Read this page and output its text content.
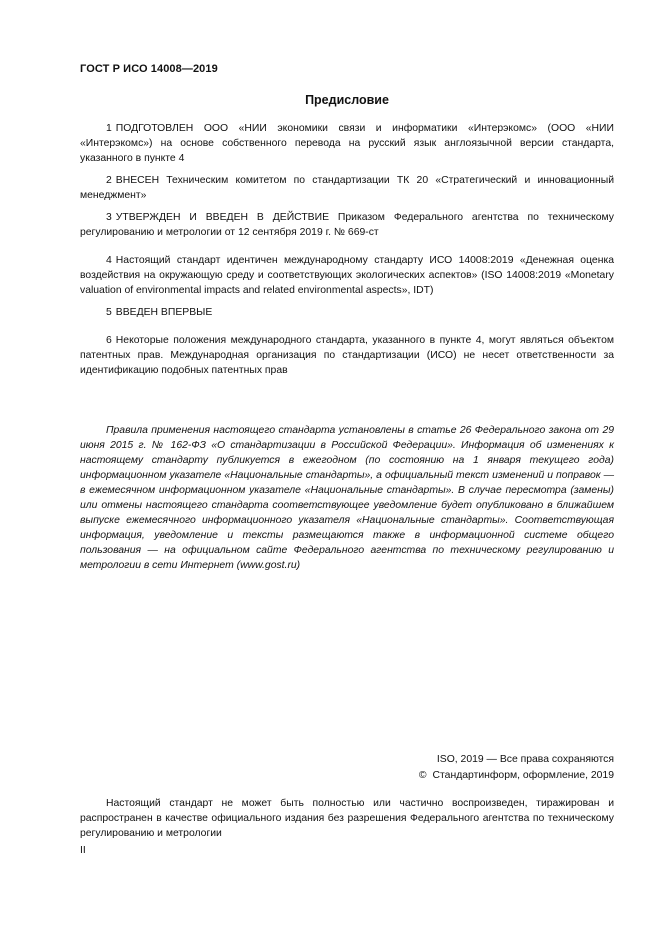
ГОСТ Р ИСО 14008—2019
Предисловие

1 ПОДГОТОВЛЕН ООО «НИИ экономики связи и информатики «Интерэкомс» (ООО «НИИ «Интерэкомс») на основе собственного перевода на русский язык англоязычной версии стандарта, указанного в пункте 4

2 ВНЕСЕН Техническим комитетом по стандартизации ТК 20 «Стратегический и инновационный менеджмент»

3 УТВЕРЖДЕН И ВВЕДЕН В ДЕЙСТВИЕ Приказом Федерального агентства по техническому регулированию и метрологии от 12 сентября 2019 г. № 669-ст

4 Настоящий стандарт идентичен международному стандарту ИСО 14008:2019 «Денежная оценка воздействия на окружающую среду и соответствующих экологических аспектов» (ISO 14008:2019 «Monetary valuation of environmental impacts and related environmental aspects», IDT)

5 ВВЕДЕН ВПЕРВЫЕ

6 Некоторые положения международного стандарта, указанного в пункте 4, могут являться объектом патентных прав. Международная организация по стандартизации (ИСО) не несет ответственности за идентификацию подобных патентных прав

Правила применения настоящего стандарта установлены в статье 26 Федерального закона от 29 июня 2015 г. № 162-ФЗ «О стандартизации в Российской Федерации». Информация об изменениях к настоящему стандарту публикуется в ежегодном (по состоянию на 1 января текущего года) информационном указателе «Национальные стандарты», а официальный текст изменений и поправок — в ежемесячном информационном указателе «Национальные стандарты». В случае пересмотра (замены) или отмены настоящего стандарта соответствующее уведомление будет опубликовано в ближайшем выпуске ежемесячного информационного указателя «Национальные стандарты». Соответствующая информация, уведомление и тексты размещаются также в информационной системе общего пользования — на официальном сайте Федерального агентства по техническому регулированию и метрологии в сети Интернет (www.gost.ru)

ISO, 2019 — Все права сохраняются
© Стандартинформ, оформление, 2019

Настоящий стандарт не может быть полностью или частично воспроизведен, тиражирован и распространен в качестве официального издания без разрешения Федерального агентства по техническому регулированию и метрологии

II
